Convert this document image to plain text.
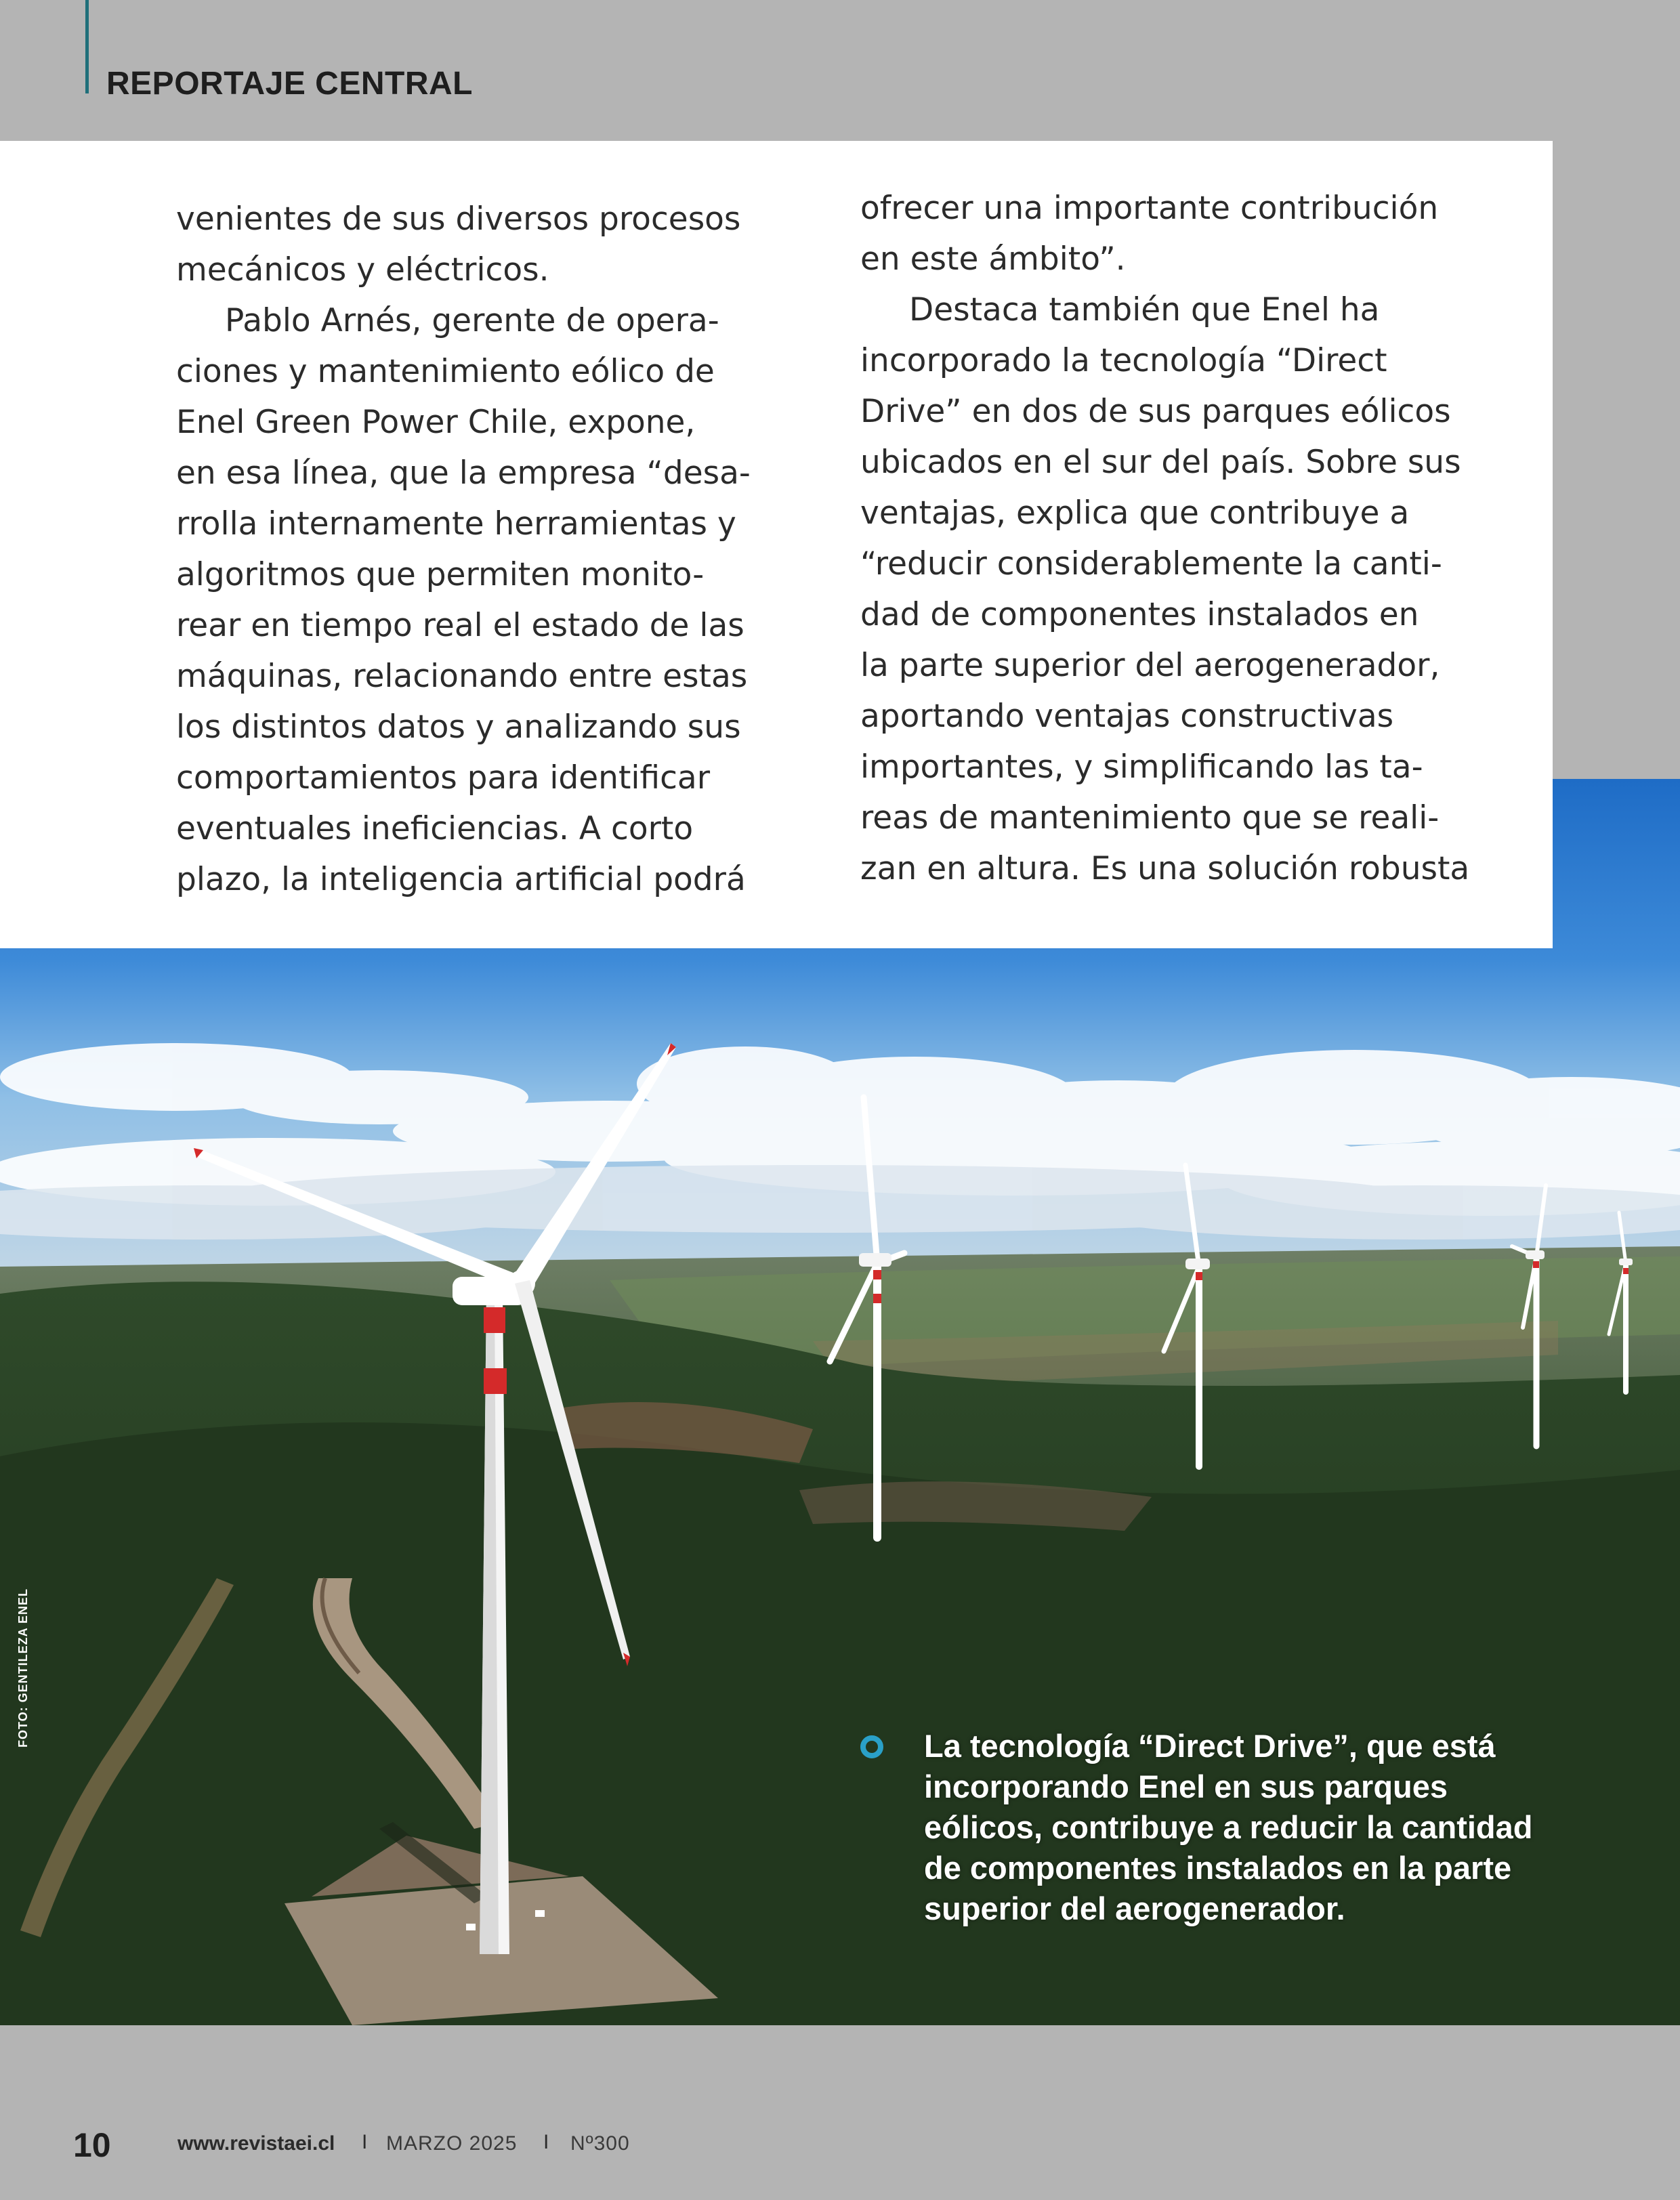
REPORTAJE CENTRAL

venientes de sus diversos procesos
mecánicos y eléctricos.

Pablo Arnés, gerente de opera-
ciones y mantenimiento eólico de
Enel Green Power Chile, expone,
en esa línea, que la empresa “desa-
rrolla internamente herramientas y
algoritmos que permiten monito-
rear en tiempo real el estado de las
máquinas, relacionando entre estas
los distintos datos y analizando sus
comportamientos para identificar
eventuales ineficiencias. A corto
plazo, la inteligencia artificial podrá

ofrecer una importante contribución
en este ámbito”.

Destaca también que Enel ha
incorporado la tecnología “Direct
Drive” en dos de sus parques eólicos
ubicados en el sur del país. Sobre sus
ventajas, explica que contribuye a
“reducir considerablemente la canti-
dad de componentes instalados en
la parte superior del aerogenerador,
aportando ventajas constructivas
importantes, y simplificando las ta-
reas de mantenimiento que se reali-
zan en altura. Es una solución robusta

La tecnología “Direct Drive”, que está
incorporando Enel en sus parques
eólicos, contribuye a reducir la cantidad
de componentes instalados en la parte
superior del aerogenerador.

FOTO: GENTILEZA ENEL
10	www.revistaei.cl I MARZO 2025 I Nº300
